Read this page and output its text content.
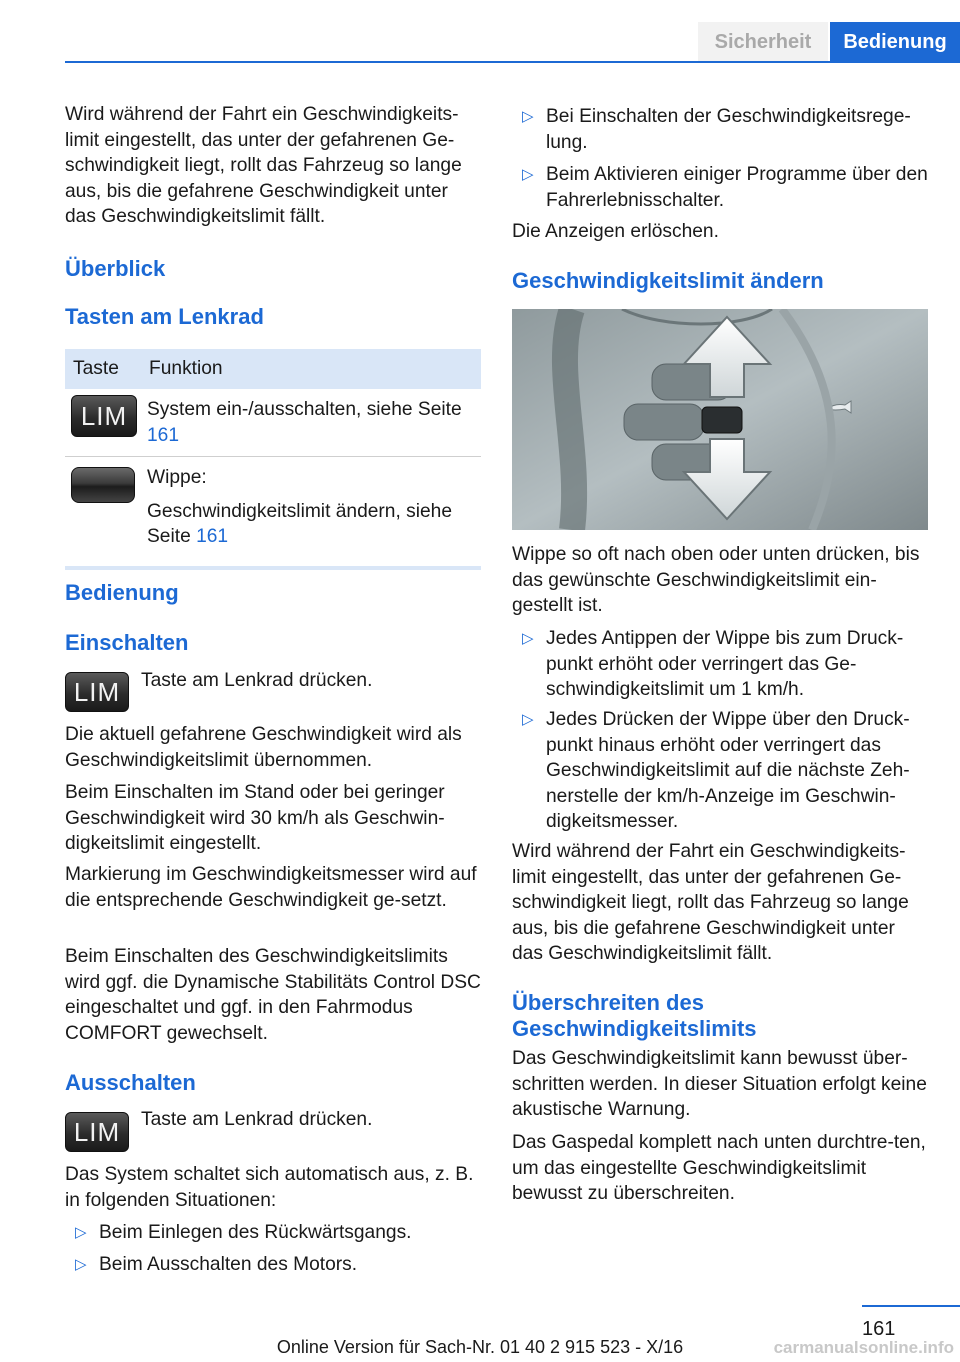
Sicherheit	Bedienung

Wird während der Fahrt ein Geschwindigkeits-limit eingestellt, das unter der gefahrenen Ge-schwindigkeit liegt, rollt das Fahrzeug so lange aus, bis die gefahrene Geschwindigkeit unter das Geschwindigkeitslimit fällt.

Überblick
Tasten am Lenkrad
Taste	Funktion
LIM	System ein-/ausschalten, siehe Seite 161

	Wippe:

Geschwindigkeitslimit ändern, siehe Seite 161

Bedienung
Einschalten
LIM	Taste am Lenkrad drücken.

Die aktuell gefahrene Geschwindigkeit wird als Geschwindigkeitslimit übernommen.

Beim Einschalten im Stand oder bei geringer Geschwindigkeit wird 30 km/h als Geschwin-digkeitslimit eingestellt.

Markierung im Geschwindigkeitsmesser wird auf die entsprechende Geschwindigkeit ge-setzt.

Beim Einschalten des Geschwindigkeitslimits wird ggf. die Dynamische Stabilitäts Control DSC eingeschaltet und ggf. in den Fahrmodus COMFORT gewechselt.

Ausschalten
LIM	Taste am Lenkrad drücken.

Das System schaltet sich automatisch aus, z. B. in folgenden Situationen:

▷ Beim Einlegen des Rückwärtsgangs.

▷ Beim Ausschalten des Motors.

▷ Bei Einschalten der Geschwindigkeitsrege-lung.

▷ Beim Aktivieren einiger Programme über den Fahrerlebnisschalter.

Die Anzeigen erlöschen.

Geschwindigkeitslimit ändern

Wippe so oft nach oben oder unten drücken, bis das gewünschte Geschwindigkeitslimit ein-gestellt ist.

▷ Jedes Antippen der Wippe bis zum Druck-punkt erhöht oder verringert das Ge-schwindigkeitslimit um 1 km/h.

▷ Jedes Drücken der Wippe über den Druck-punkt hinaus erhöht oder verringert das Geschwindigkeitslimit auf die nächste Zeh-nerstelle der km/h-Anzeige im Geschwin-digkeitsmesser.

Wird während der Fahrt ein Geschwindigkeits-limit eingestellt, das unter der gefahrenen Ge-schwindigkeit liegt, rollt das Fahrzeug so lange aus, bis die gefahrene Geschwindigkeit unter das Geschwindigkeitslimit fällt.

Überschreiten des Geschwindigkeitslimits

Das Geschwindigkeitslimit kann bewusst über-schritten werden. In dieser Situation erfolgt keine akustische Warnung.

Das Gaspedal komplett nach unten durchtre-ten, um das eingestellte Geschwindigkeitslimit bewusst zu überschreiten.

161
Online Version für Sach-Nr. 01 40 2 915 523 - X/16	carmanualsonline.info
